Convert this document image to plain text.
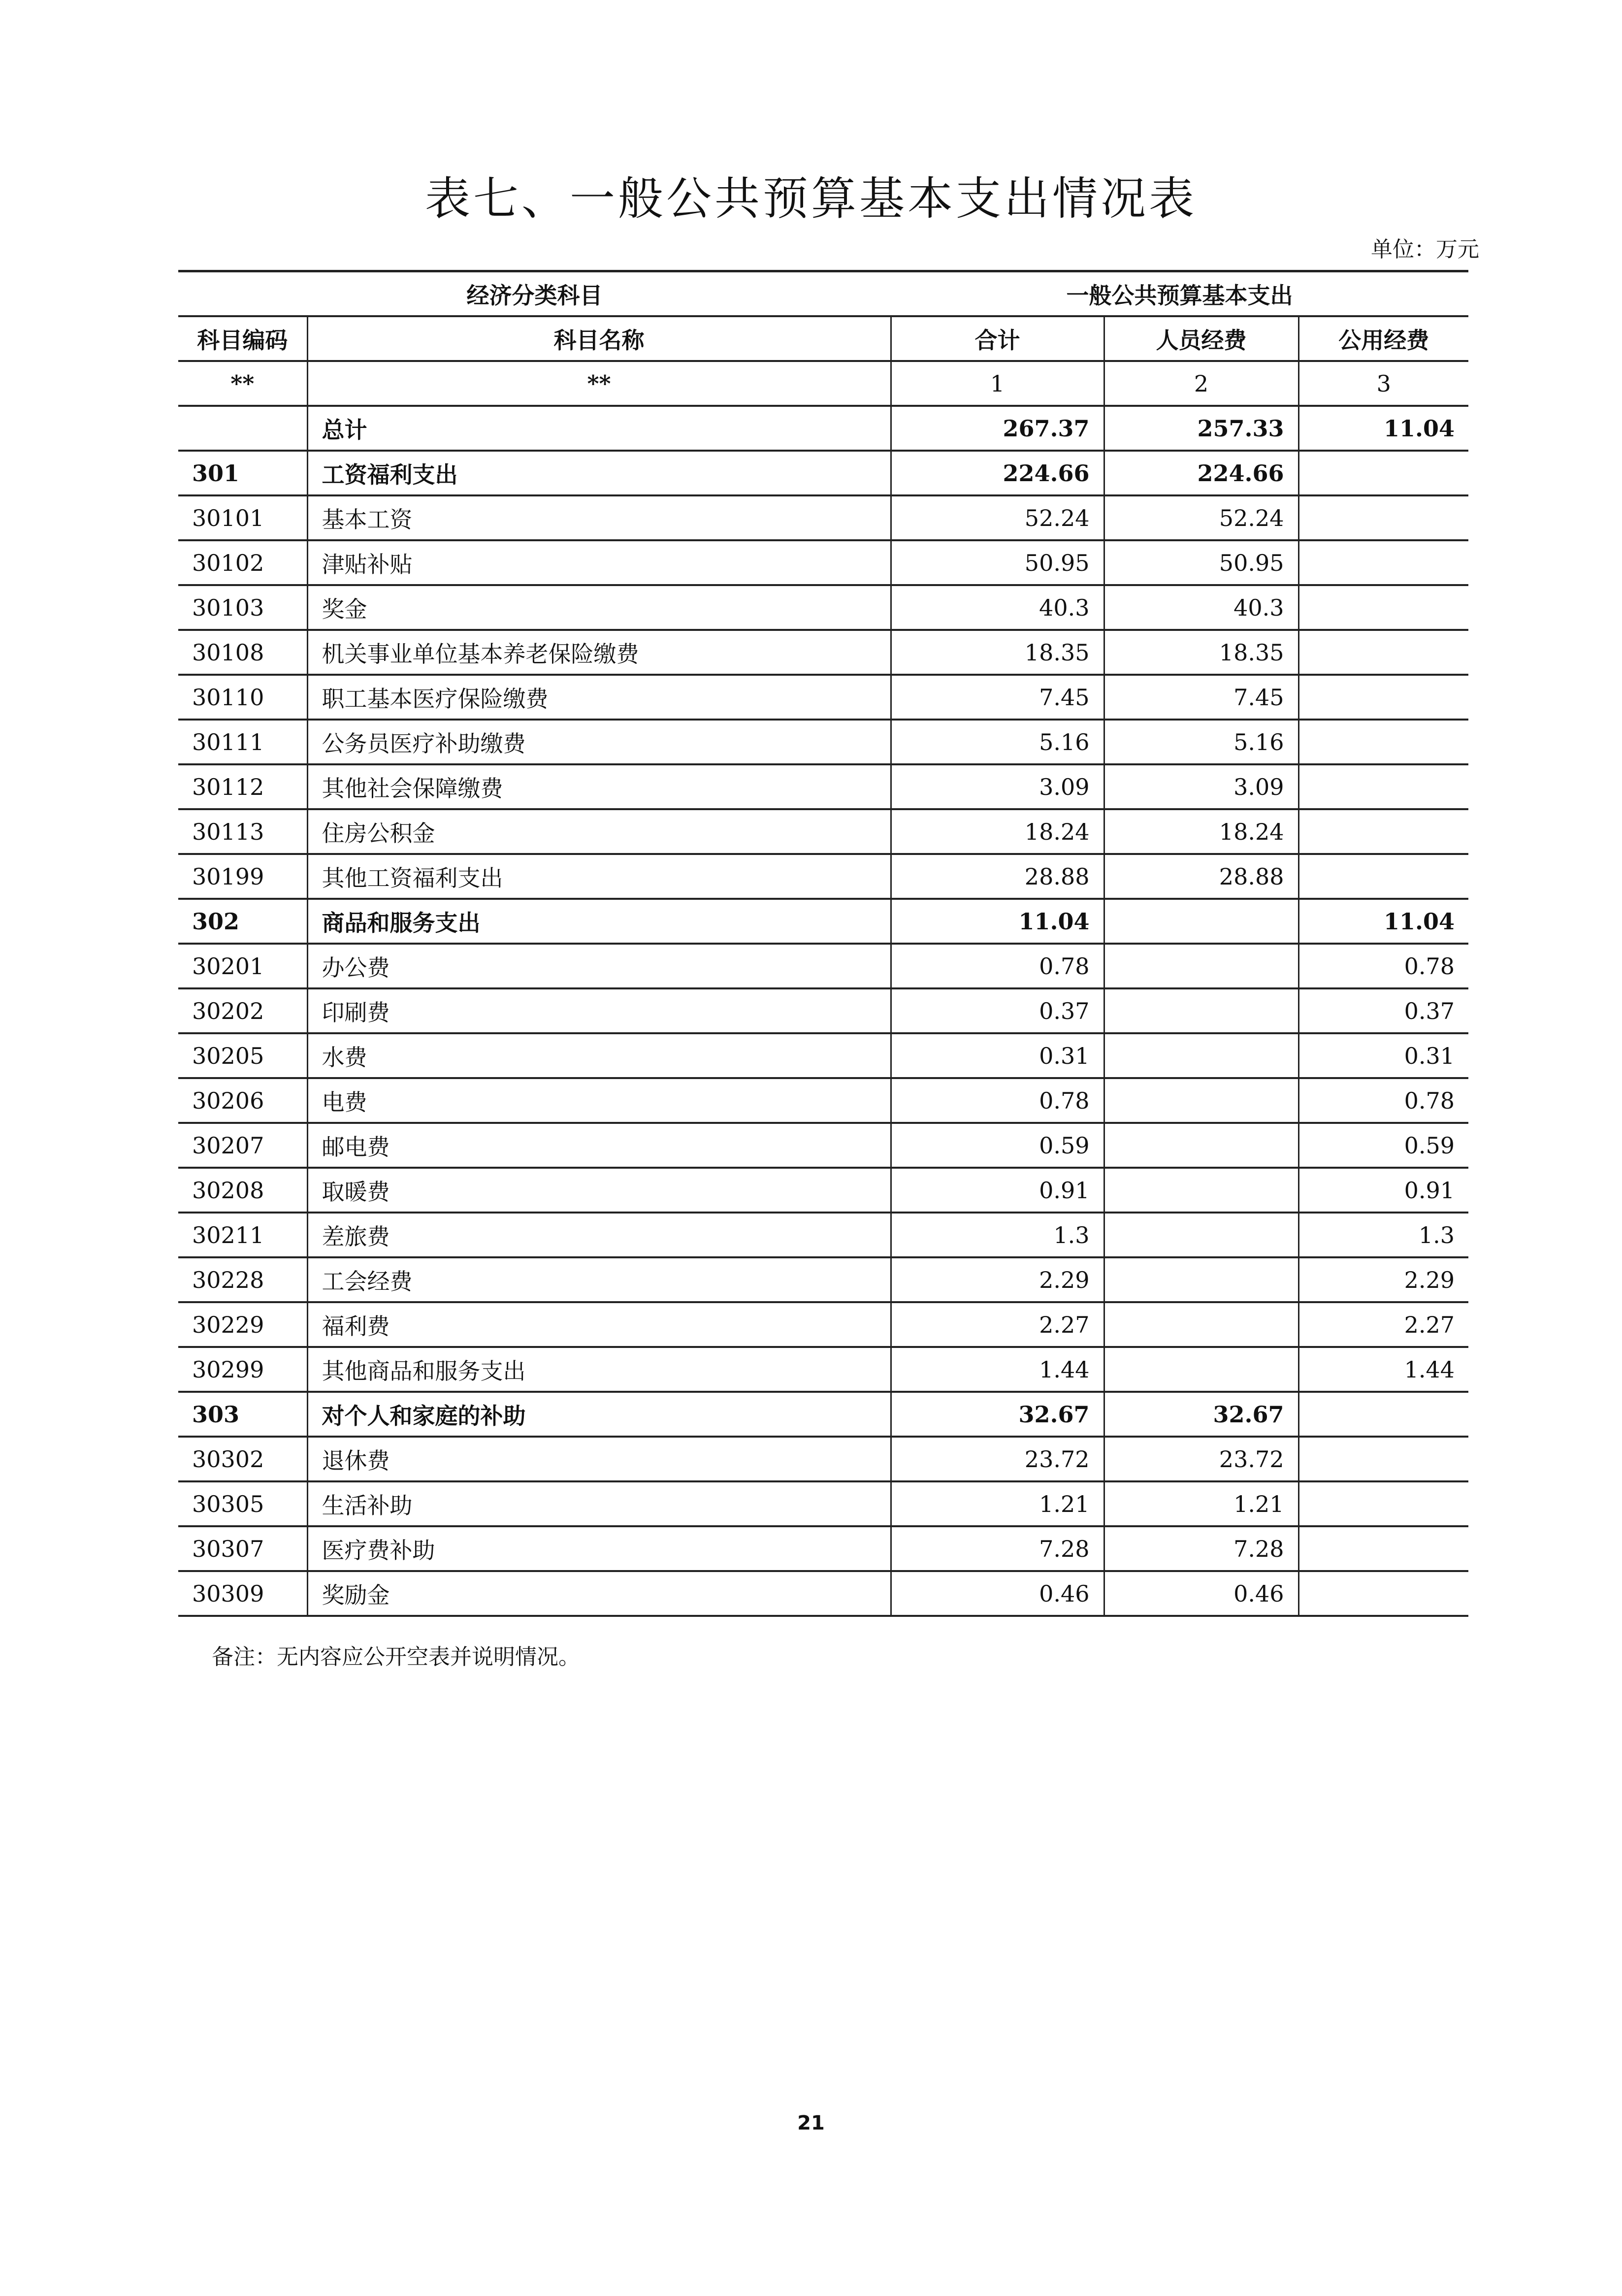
表七、一般公共预算基本支出情况表
单位：万元
经济分类科目		一般公共预算基本支出		
科目编码	科目名称	合计	人员经费	公用经费
**	**	1	2	3
	总计	267.37	257.33	11.04
301	工资福利支出	224.66	224.66	
30101	基本工资	52.24	52.24	
30102	津贴补贴	50.95	50.95	
30103	奖金	40.3	40.3	
30108	机关事业单位基本养老保险缴费	18.35	18.35	
30110	职工基本医疗保险缴费	7.45	7.45	
30111	公务员医疗补助缴费	5.16	5.16	
30112	其他社会保障缴费	3.09	3.09	
30113	住房公积金	18.24	18.24	
30199	其他工资福利支出	28.88	28.88	
302	商品和服务支出	11.04		11.04
30201	办公费	0.78		0.78
30202	印刷费	0.37		0.37
30205	水费	0.31		0.31
30206	电费	0.78		0.78
30207	邮电费	0.59		0.59
30208	取暖费	0.91		0.91
30211	差旅费	1.3		1.3
30228	工会经费	2.29		2.29
30229	福利费	2.27		2.27
30299	其他商品和服务支出	1.44		1.44
303	对个人和家庭的补助	32.67	32.67	
30302	退休费	23.72	23.72	
30305	生活补助	1.21	1.21	
30307	医疗费补助	7.28	7.28	
30309	奖励金	0.46	0.46	
备注：无内容应公开空表并说明情况。
21
